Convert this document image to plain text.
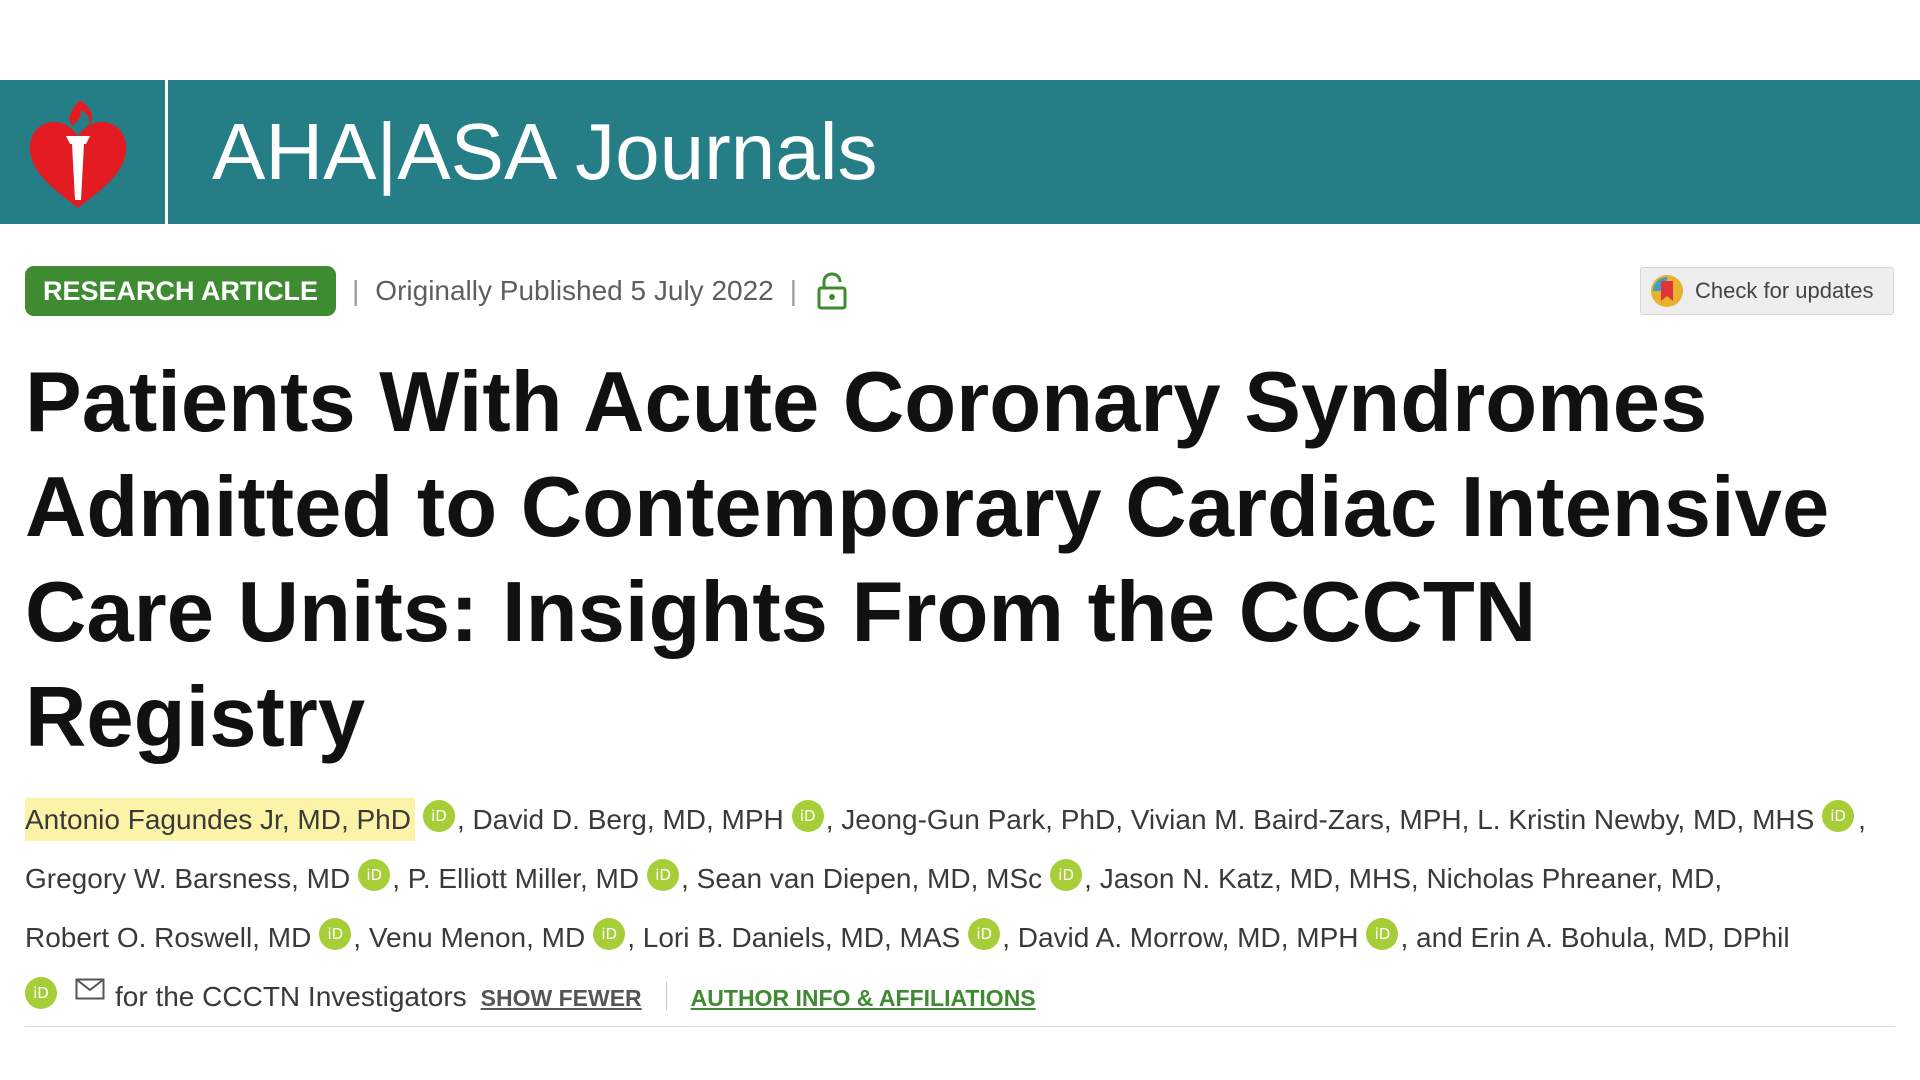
AHA|ASA Journals
RESEARCH ARTICLE	| Originally Published 5 July 2022 |	Check for updates
Patients With Acute Coronary Syndromes Admitted to Contemporary Cardiac Intensive Care Units: Insights From the CCCTN Registry
Antonio Fagundes Jr, MD, PhD iD , David D. Berg, MD, MPH iD , Jeong-Gun Park, PhD, Vivian M. Baird-Zars, MPH, L. Kristin Newby, MD, MHS iD , Gregory W. Barsness, MD iD , P. Elliott Miller, MD iD , Sean van Diepen, MD, MSc iD , Jason N. Katz, MD, MHS, Nicholas Phreaner, MD, Robert O. Roswell, MD iD , Venu Menon, MD iD , Lori B. Daniels, MD, MAS iD , David A. Morrow, MD, MPH iD , and Erin A. Bohula, MD, DPhil
iD for the CCCTN Investigators SHOW FEWER AUTHOR INFO & AFFILIATIONS
